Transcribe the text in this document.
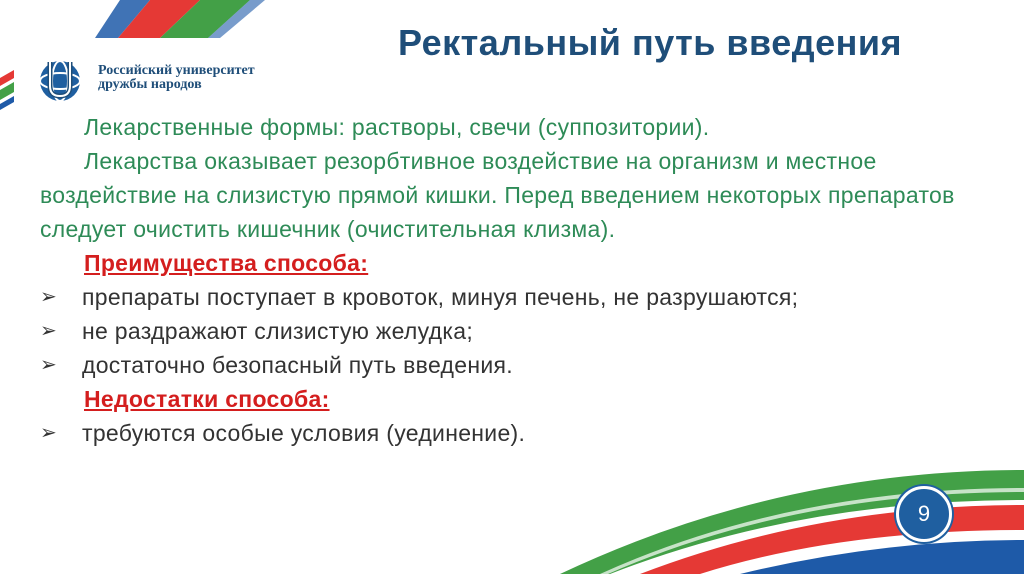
Российский университет
дружбы народов
Ректальный путь введения

Лекарственные формы: растворы, свечи (суппозитории).

Лекарства оказывает резорбтивное воздействие на организм и местное воздействие на слизистую прямой кишки. Перед введением некоторых препаратов следует очистить кишечник (очистительная клизма).

Преимущества способа:

➢	препараты поступает в кровоток, минуя печень, не разрушаются;
➢	не раздражают слизистую желудка;
➢	достаточно безопасный путь введения.

Недостатки способа:

➢	требуются особые условия (уединение).
9
